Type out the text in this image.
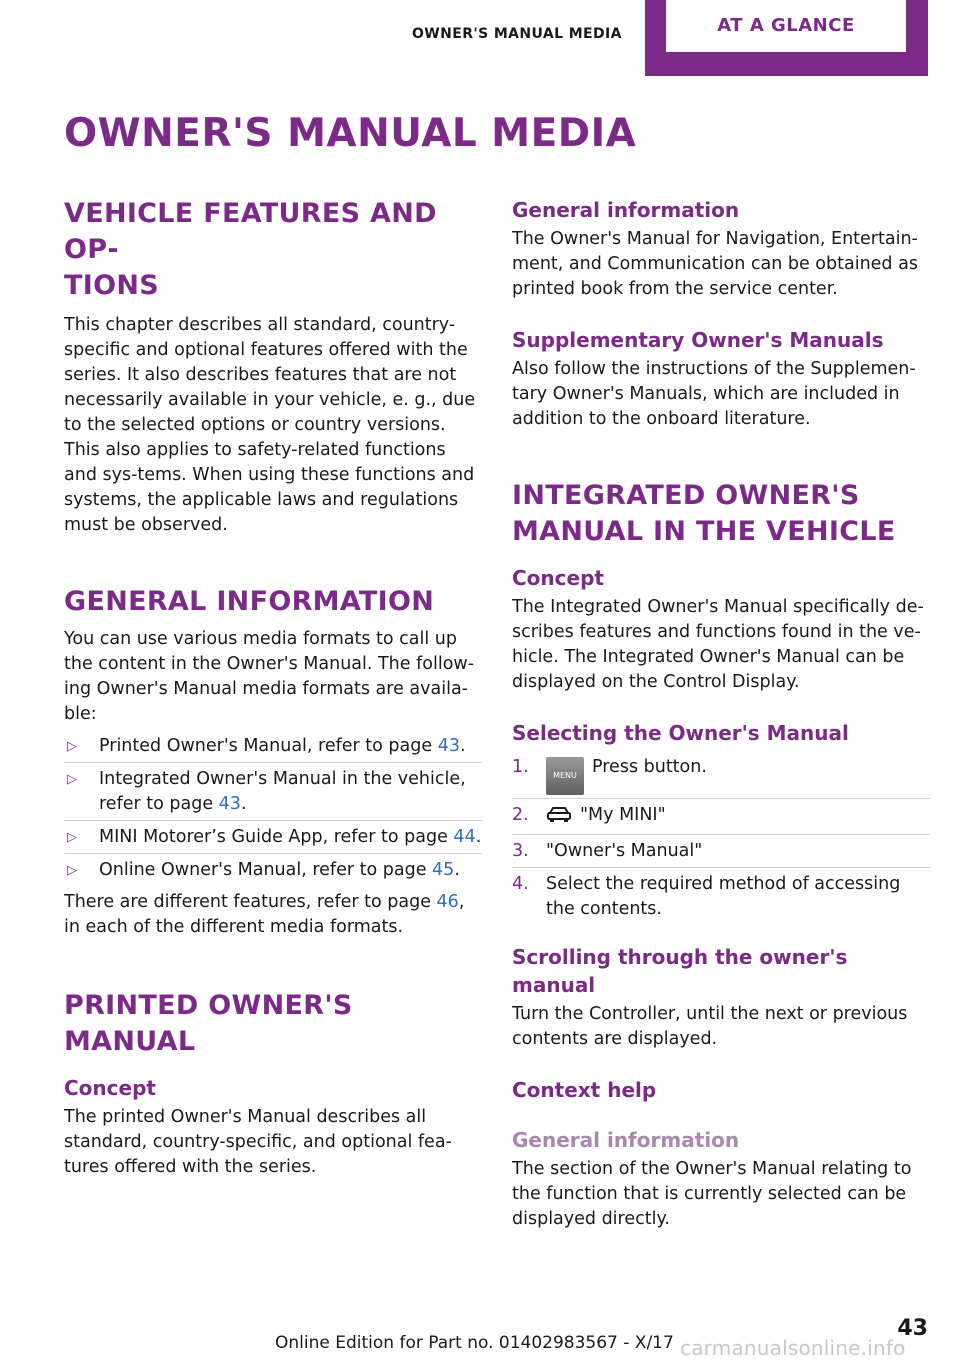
OWNER'S MANUAL MEDIA	AT A GLANCE
OWNER'S MANUAL MEDIA
VEHICLE FEATURES AND OP‐
TIONS

This chapter describes all standard, country-specific and optional features offered with the series. It also describes features that are not necessarily available in your vehicle, e. g., due to the selected options or country versions. This also applies to safety-related functions and sys‐tems. When using these functions and systems, the applicable laws and regulations must be observed.

GENERAL INFORMATION

You can use various media formats to call up the content in the Owner's Manual. The follow‐ing Owner's Manual media formats are availa‐ble:

▷ Printed Owner's Manual, refer to page 43.
▷ Integrated Owner's Manual in the vehicle, refer to page 43.
▷ MINI Motorer’s Guide App, refer to page 44.
▷ Online Owner's Manual, refer to page 45.

There are different features, refer to page 46, in each of the different media formats.

PRINTED OWNER'S MANUAL
Concept

The printed Owner's Manual describes all standard, country-specific, and optional fea‐tures offered with the series.

General information

The Owner's Manual for Navigation, Entertain‐ment, and Communication can be obtained as printed book from the service center.

Supplementary Owner's Manuals

Also follow the instructions of the Supplemen‐tary Owner's Manuals, which are included in addition to the onboard literature.

INTEGRATED OWNER'S
MANUAL IN THE VEHICLE
Concept

The Integrated Owner's Manual specifically de‐scribes features and functions found in the ve‐hicle. The Integrated Owner's Manual can be displayed on the Control Display.

Selecting the Owner's Manual
1.	MENU Press button.
2.	"My MINI"
3. "Owner's Manual"
4. Select the required method of accessing the contents.
Scrolling through the owner's manual

Turn the Controller, until the next or previous contents are displayed.

Context help
General information

The section of the Owner's Manual relating to the function that is currently selected can be displayed directly.

Online Edition for Part no. 01402983567 - X/17
43
carmanualsonline.info
